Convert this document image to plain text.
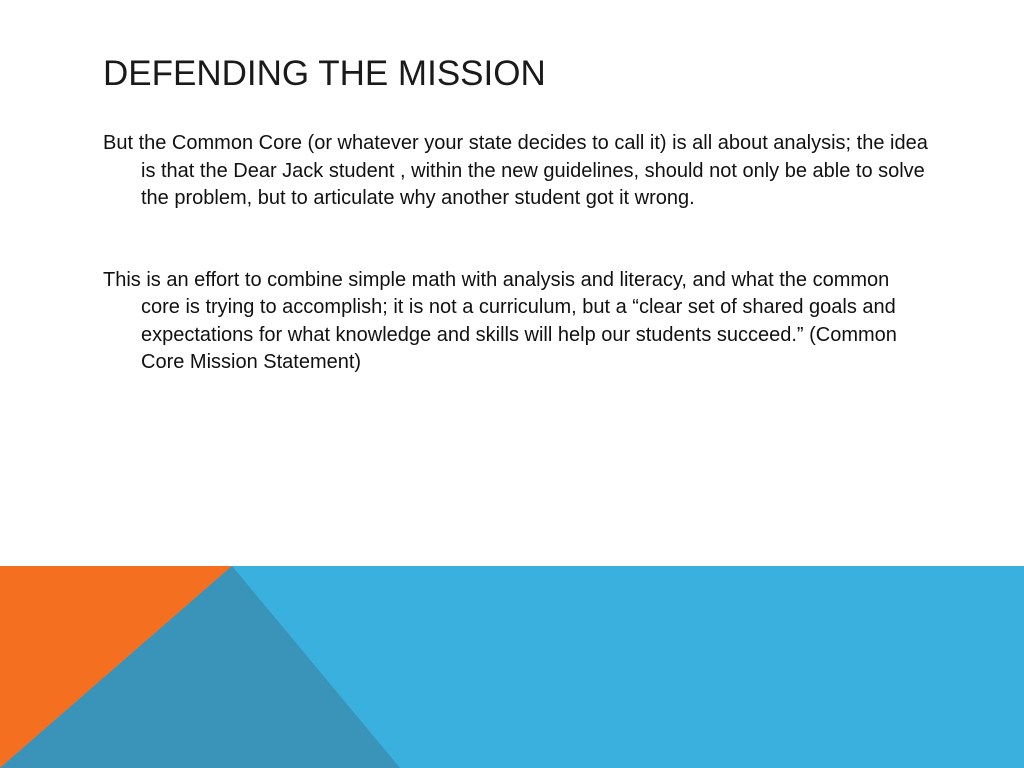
DEFENDING THE MISSION
But the Common Core (or whatever your state decides to call it) is all about analysis; the idea is that the Dear Jack student , within the new guidelines, should not only be able to solve the problem, but to articulate why another student got it wrong.
This is an effort to combine simple math with analysis and literacy, and what the common core is trying to accomplish; it is not a curriculum, but a “clear set of shared goals and expectations for what knowledge and skills will help our students succeed.” (Common Core Mission Statement)
